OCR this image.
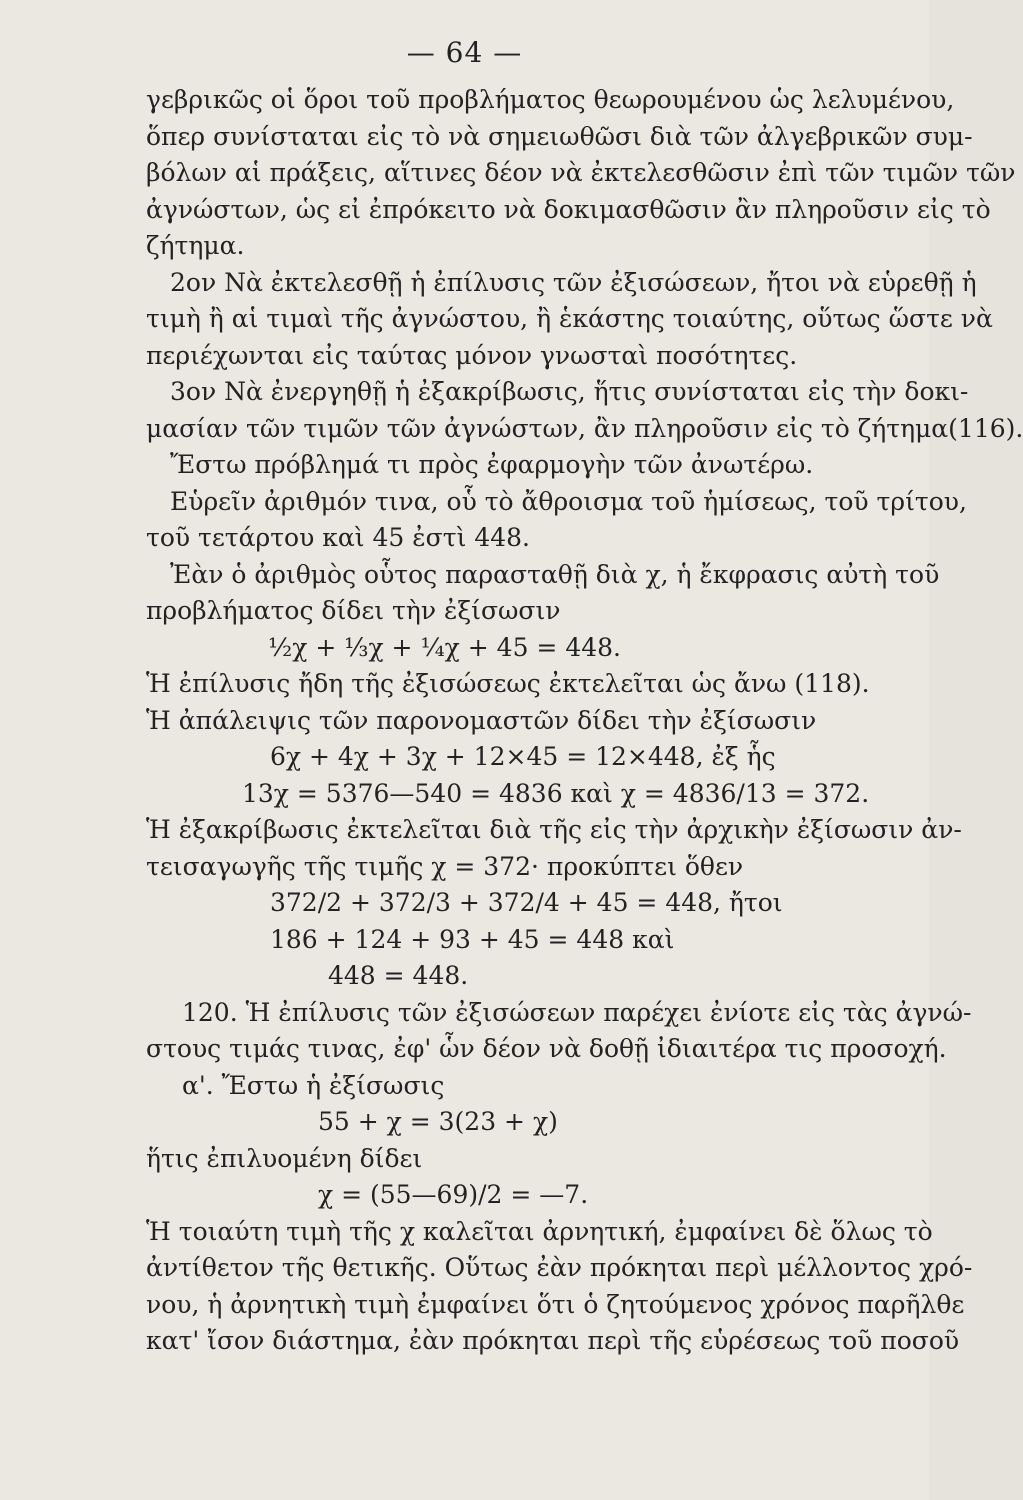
— 64 —
γεβρικῶς οἱ ὅροι τοῦ προβλήματος θεωρουμένου ὡς λελυμένου,
ὅπερ συνίσταται εἰς τὸ νὰ σημειωθῶσι διὰ τῶν ἀλγεβρικῶν συμ-
βόλων αἱ πράξεις, αἵτινες δέον νὰ ἐκτελεσθῶσιν ἐπὶ τῶν τιμῶν τῶν
ἀγνώστων, ὡς εἰ ἐπρόκειτο νὰ δοκιμασθῶσιν ἂν πληροῦσιν εἰς τὸ
ζήτημα.
2ον Νὰ ἐκτελεσθῇ ἡ ἐπίλυσις τῶν ἐξισώσεων, ἤτοι νὰ εὑρεθῇ ἡ
τιμὴ ἢ αἱ τιμαὶ τῆς ἀγνώστου, ἢ ἑκάστης τοιαύτης, οὕτως ὥστε νὰ
περιέχωνται εἰς ταύτας μόνον γνωσταὶ ποσότητες.
3ον Νὰ ἐνεργηθῇ ἡ ἐξακρίβωσις, ἥτις συνίσταται εἰς τὴν δοκι-
μασίαν τῶν τιμῶν τῶν ἀγνώστων, ἂν πληροῦσιν εἰς τὸ ζήτημα(116).
Ἔστω πρόβλημά τι πρὸς ἐφαρμογὴν τῶν ἀνωτέρω.
Εὑρεῖν ἀριθμόν τινα, οὗ τὸ ἄθροισμα τοῦ ἡμίσεως, τοῦ τρίτου,
τοῦ τετάρτου καὶ 45 ἐστὶ 448.
Ἐὰν ὁ ἀριθμὸς οὗτος παρασταθῇ διὰ χ, ἡ ἔκφρασις αὐτὴ τοῦ
προβλήματος δίδει τὴν ἐξίσωσιν
½χ + ⅓χ + ¼χ + 45 = 448.
Ἡ ἐπίλυσις ἤδη τῆς ἐξισώσεως ἐκτελεῖται ὡς ἄνω (118).
Ἡ ἀπάλειψις τῶν παρονομαστῶν δίδει τὴν ἐξίσωσιν
6χ + 4χ + 3χ + 12×45 = 12×448, ἐξ ἧς
13χ = 5376—540 = 4836 καὶ χ = 4836/13 = 372.
Ἡ ἐξακρίβωσις ἐκτελεῖται διὰ τῆς εἰς τὴν ἀρχικὴν ἐξίσωσιν ἀν-
τεισαγωγῆς τῆς τιμῆς χ = 372· προκύπτει ὅθεν
372/2 + 372/3 + 372/4 + 45 = 448, ἤτοι
186 + 124 + 93 + 45 = 448 καὶ
448 = 448.
120. Ἡ ἐπίλυσις τῶν ἐξισώσεων παρέχει ἐνίοτε εἰς τὰς ἀγνώ-
στους τιμάς τινας, ἐφ' ὧν δέον νὰ δοθῇ ἰδιαιτέρα τις προσοχή.
α'. Ἔστω ἡ ἐξίσωσις
55 + χ = 3(23 + χ)
ἥτις ἐπιλυομένη δίδει
χ = (55—69)/2 = —7.
Ἡ τοιαύτη τιμὴ τῆς χ καλεῖται ἀρνητική, ἐμφαίνει δὲ ὅλως τὸ
ἀντίθετον τῆς θετικῆς. Οὕτως ἐὰν πρόκηται περὶ μέλλοντος χρό-
νου, ἡ ἀρνητικὴ τιμὴ ἐμφαίνει ὅτι ὁ ζητούμενος χρόνος παρῆλθε
κατ' ἴσον διάστημα, ἐὰν πρόκηται περὶ τῆς εὑρέσεως τοῦ ποσοῦ
